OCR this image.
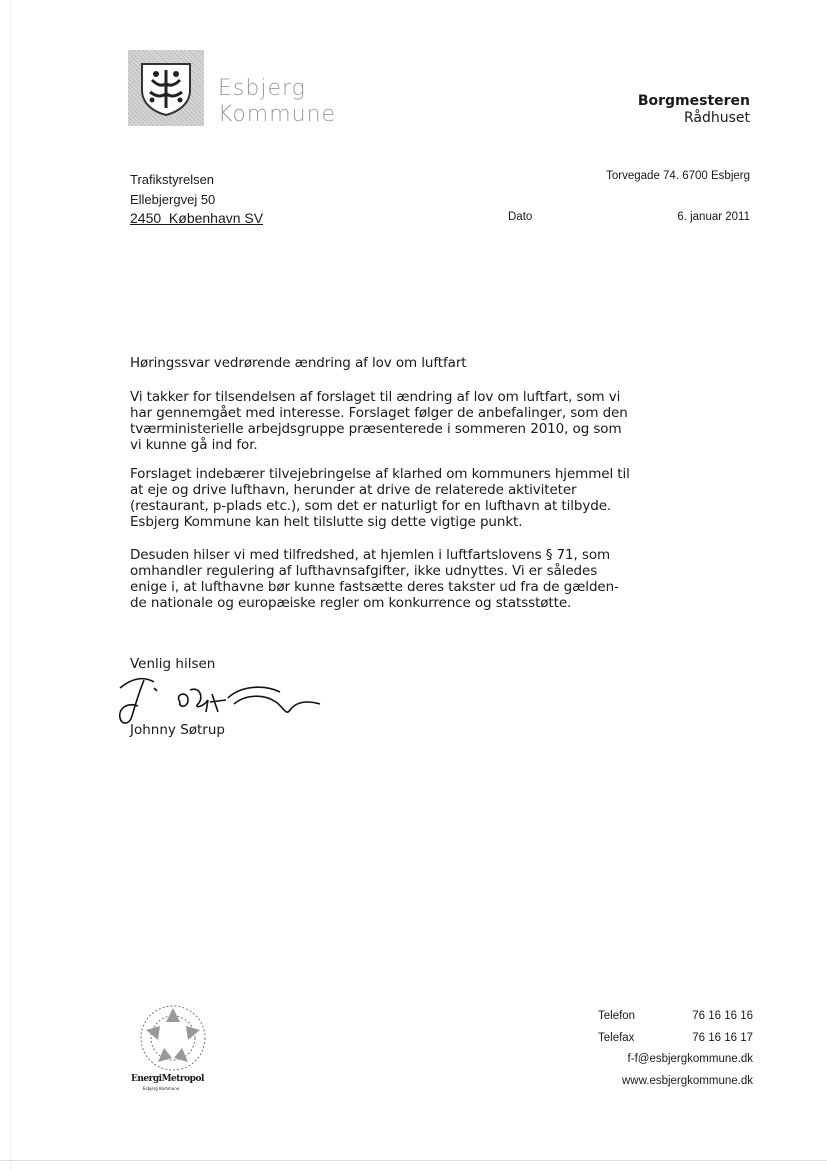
Esbjerg
Kommune
Borgmesteren
Rådhuset
Trafikstyrelsen
Ellebjergvej 50
2450  København SV
Torvegade 74. 6700 Esbjerg
Dato	6. januar 2011
Høringssvar vedrørende ændring af lov om luftfart
Vi takker for tilsendelsen af forslaget til ændring af lov om luftfart, som vi har gennemgået med interesse. Forslaget følger de anbefalinger, som den tværministerielle arbejdsgruppe præsenterede i sommeren 2010, og som vi kunne gå ind for.
Forslaget indebærer tilvejebringelse af klarhed om kommuners hjemmel til at eje og drive lufthavn, herunder at drive de relaterede aktiviteter (restaurant, p-plads etc.), som det er naturligt for en lufthavn at tilbyde. Esbjerg Kommune kan helt tilslutte sig dette vigtige punkt.
Desuden hilser vi med tilfredshed, at hjemlen i luftfartslovens § 71, som omhandler regulering af lufthavnsafgifter, ikke udnyttes. Vi er således enige i, at lufthavne bør kunne fastsætte deres takster ud fra de gælden-de nationale og europæiske regler om konkurrence og statsstøtte.
Venlig hilsen
Johnny Søtrup
EnergiMetropol
Esbjerg Kommune
Telefon	76 16 16 16
Telefax	76 16 16 17
f-f@esbjergkommune.dk
www.esbjergkommune.dk
